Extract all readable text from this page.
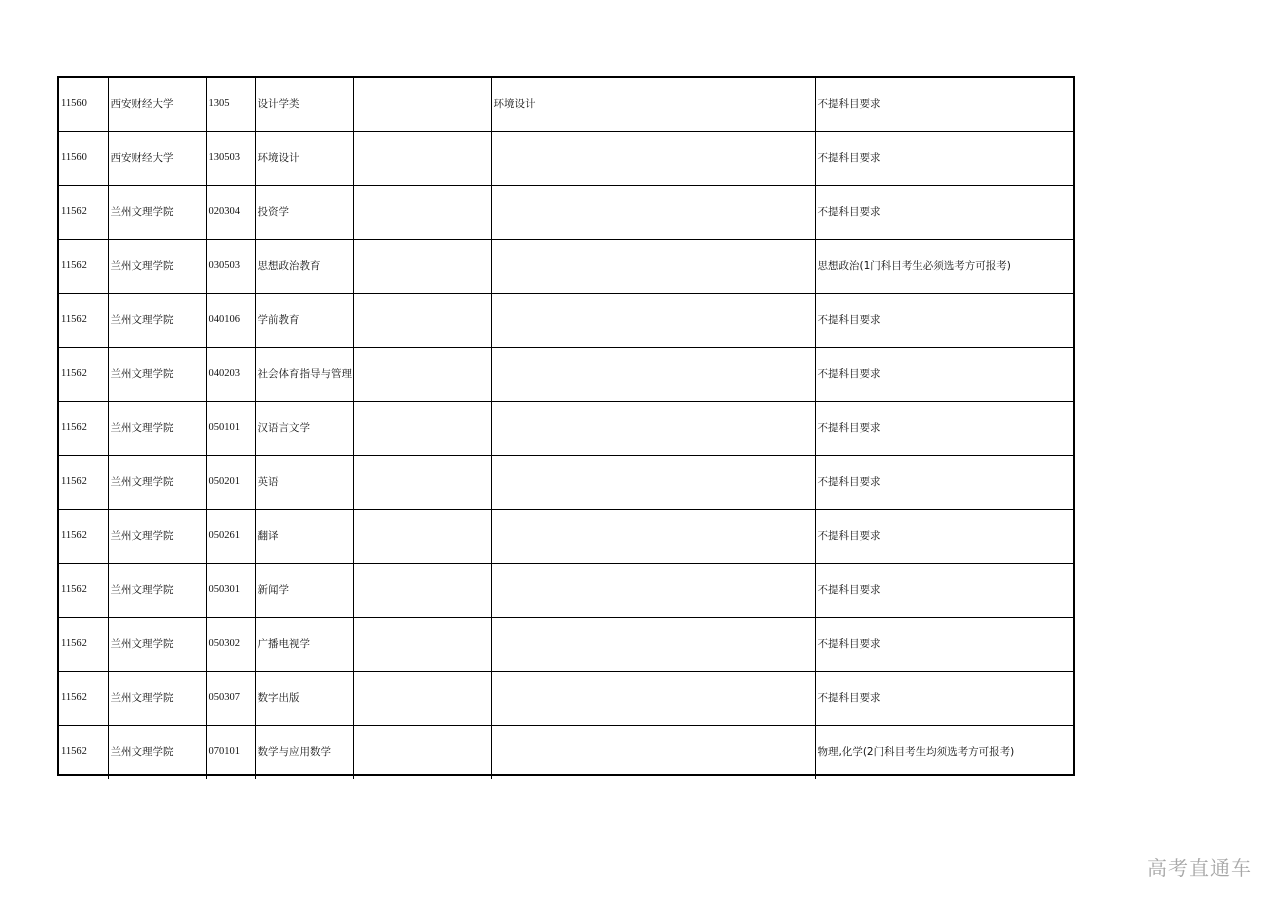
11560	西安财经大学	1305	设计学类		环境设计	不提科目要求
11560	西安财经大学	130503	环境设计			不提科目要求
11562	兰州文理学院	020304	投资学			不提科目要求
11562	兰州文理学院	030503	思想政治教育			思想政治(1门科目考生必须选考方可报考)
11562	兰州文理学院	040106	学前教育			不提科目要求
11562	兰州文理学院	040203	社会体育指导与管理			不提科目要求
11562	兰州文理学院	050101	汉语言文学			不提科目要求
11562	兰州文理学院	050201	英语			不提科目要求
11562	兰州文理学院	050261	翻译			不提科目要求
11562	兰州文理学院	050301	新闻学			不提科目要求
11562	兰州文理学院	050302	广播电视学			不提科目要求
11562	兰州文理学院	050307	数字出版			不提科目要求
11562	兰州文理学院	070101	数学与应用数学			物理,化学(2门科目考生均须选考方可报考)
高考直通车
